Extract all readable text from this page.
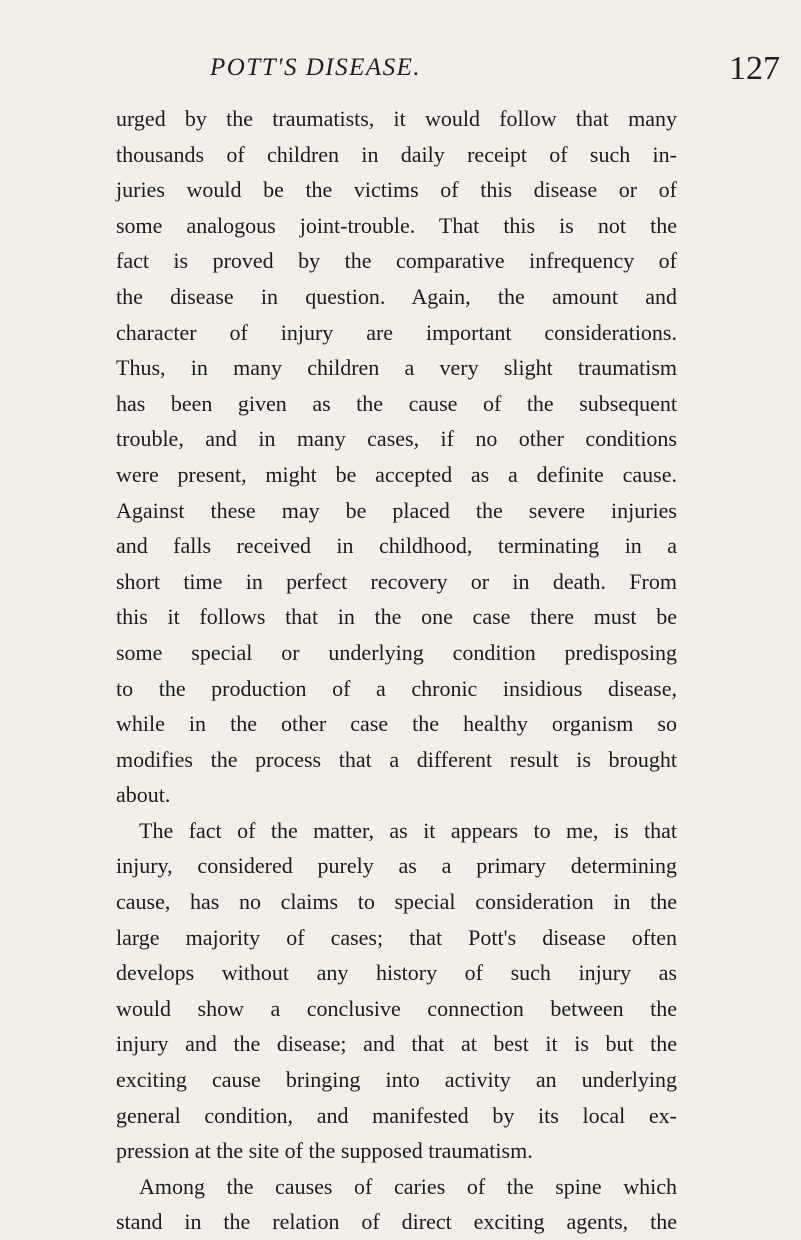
POTT'S DISEASE.	127
urged by the traumatists, it would follow that many
thousands of children in daily receipt of such in-
juries would be the victims of this disease or of
some analogous joint-trouble. That this is not the
fact is proved by the comparative infrequency of
the disease in question. Again, the amount and
character of injury are important considerations.
Thus, in many children a very slight traumatism
has been given as the cause of the subsequent
trouble, and in many cases, if no other conditions
were present, might be accepted as a definite cause.
Against these may be placed the severe injuries
and falls received in childhood, terminating in a
short time in perfect recovery or in death. From
this it follows that in the one case there must be
some special or underlying condition predisposing
to the production of a chronic insidious disease,
while in the other case the healthy organism so
modifies the process that a different result is brought
about.
The fact of the matter, as it appears to me, is that
injury, considered purely as a primary determining
cause, has no claims to special consideration in the
large majority of cases; that Pott's disease often
develops without any history of such injury as
would show a conclusive connection between the
injury and the disease; and that at best it is but the
exciting cause bringing into activity an underlying
general condition, and manifested by its local ex-
pression at the site of the supposed traumatism.
Among the causes of caries of the spine which
stand in the relation of direct exciting agents, the
